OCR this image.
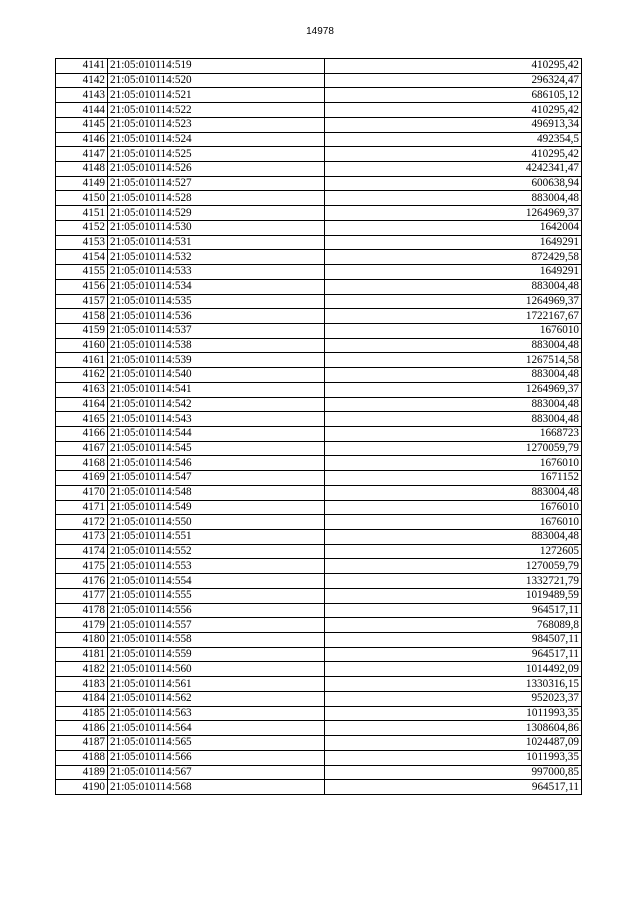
14978
4141	21:05:010114:519	410295,42
4142	21:05:010114:520	296324,47
4143	21:05:010114:521	686105,12
4144	21:05:010114:522	410295,42
4145	21:05:010114:523	496913,34
4146	21:05:010114:524	492354,5
4147	21:05:010114:525	410295,42
4148	21:05:010114:526	4242341,47
4149	21:05:010114:527	600638,94
4150	21:05:010114:528	883004,48
4151	21:05:010114:529	1264969,37
4152	21:05:010114:530	1642004
4153	21:05:010114:531	1649291
4154	21:05:010114:532	872429,58
4155	21:05:010114:533	1649291
4156	21:05:010114:534	883004,48
4157	21:05:010114:535	1264969,37
4158	21:05:010114:536	1722167,67
4159	21:05:010114:537	1676010
4160	21:05:010114:538	883004,48
4161	21:05:010114:539	1267514,58
4162	21:05:010114:540	883004,48
4163	21:05:010114:541	1264969,37
4164	21:05:010114:542	883004,48
4165	21:05:010114:543	883004,48
4166	21:05:010114:544	1668723
4167	21:05:010114:545	1270059,79
4168	21:05:010114:546	1676010
4169	21:05:010114:547	1671152
4170	21:05:010114:548	883004,48
4171	21:05:010114:549	1676010
4172	21:05:010114:550	1676010
4173	21:05:010114:551	883004,48
4174	21:05:010114:552	1272605
4175	21:05:010114:553	1270059,79
4176	21:05:010114:554	1332721,79
4177	21:05:010114:555	1019489,59
4178	21:05:010114:556	964517,11
4179	21:05:010114:557	768089,8
4180	21:05:010114:558	984507,11
4181	21:05:010114:559	964517,11
4182	21:05:010114:560	1014492,09
4183	21:05:010114:561	1330316,15
4184	21:05:010114:562	952023,37
4185	21:05:010114:563	1011993,35
4186	21:05:010114:564	1308604,86
4187	21:05:010114:565	1024487,09
4188	21:05:010114:566	1011993,35
4189	21:05:010114:567	997000,85
4190	21:05:010114:568	964517,11
